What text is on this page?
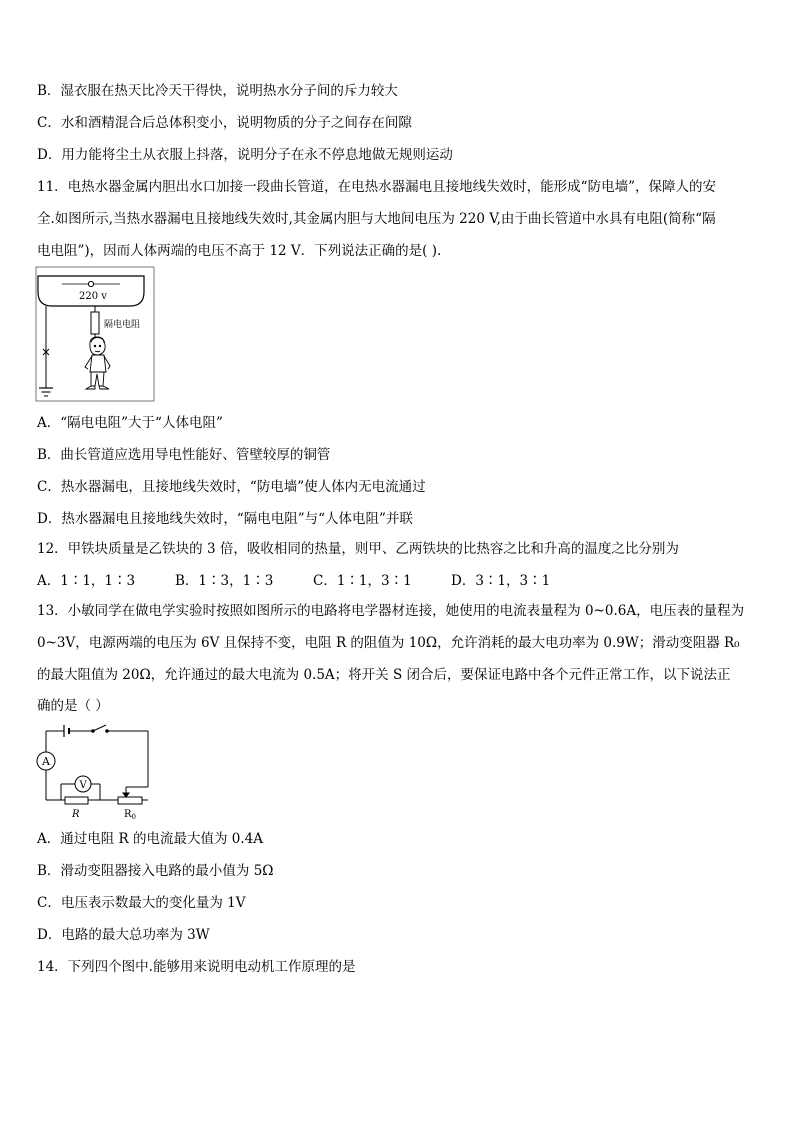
B．湿衣服在热天比冷天干得快，说明热水分子间的斥力较大
C．水和酒精混合后总体积变小，说明物质的分子之间存在间隙
D．用力能将尘土从衣服上抖落，说明分子在永不停息地做无规则运动
11．电热水器金属内胆出水口加接一段曲长管道，在电热水器漏电且接地线失效时，能形成“防电墙”，保障人的安
全.如图所示,当热水器漏电且接地线失效时,其金属内胆与大地间电压为 220 V,由于曲长管道中水具有电阻(简称“隔
电电阻”)，因而人体两端的电压不高于 12 V．下列说法正确的是( ).
220 v
隔电电阻
A．“隔电电阻”大于“人体电阻”
B．曲长管道应选用导电性能好、管壁较厚的铜管
C．热水器漏电，且接地线失效时，“防电墙”使人体内无电流通过
D．热水器漏电且接地线失效时，“隔电电阻”与“人体电阻”并联
12．甲铁块质量是乙铁块的 3 倍，吸收相同的热量，则甲、乙两铁块的比热容之比和升高的温度之比分别为
A．1∶1，1∶3	B．1∶3，1∶3	C．1∶1，3∶1	D．3∶1，3∶1
13．小敏同学在做电学实验时按照如图所示的电路将电学器材连接，她使用的电流表量程为 0~0.6A，电压表的量程为
0~3V，电源两端的电压为 6V 且保持不变，电阻 R 的阻值为 10Ω，允许消耗的最大电功率为 0.9W；滑动变阻器 R₀
的最大阻值为 20Ω，允许通过的最大电流为 0.5A；将开关 S 闭合后，要保证电路中各个元件正常工作，以下说法正
确的是（ ）
A
V
R	$R_0$
A．通过电阻 R 的电流最大值为 0.4A
B．滑动变阻器接入电路的最小值为 5Ω
C．电压表示数最大的变化量为 1V
D．电路的最大总功率为 3W
14．下列四个图中.能够用来说明电动机工作原理的是
